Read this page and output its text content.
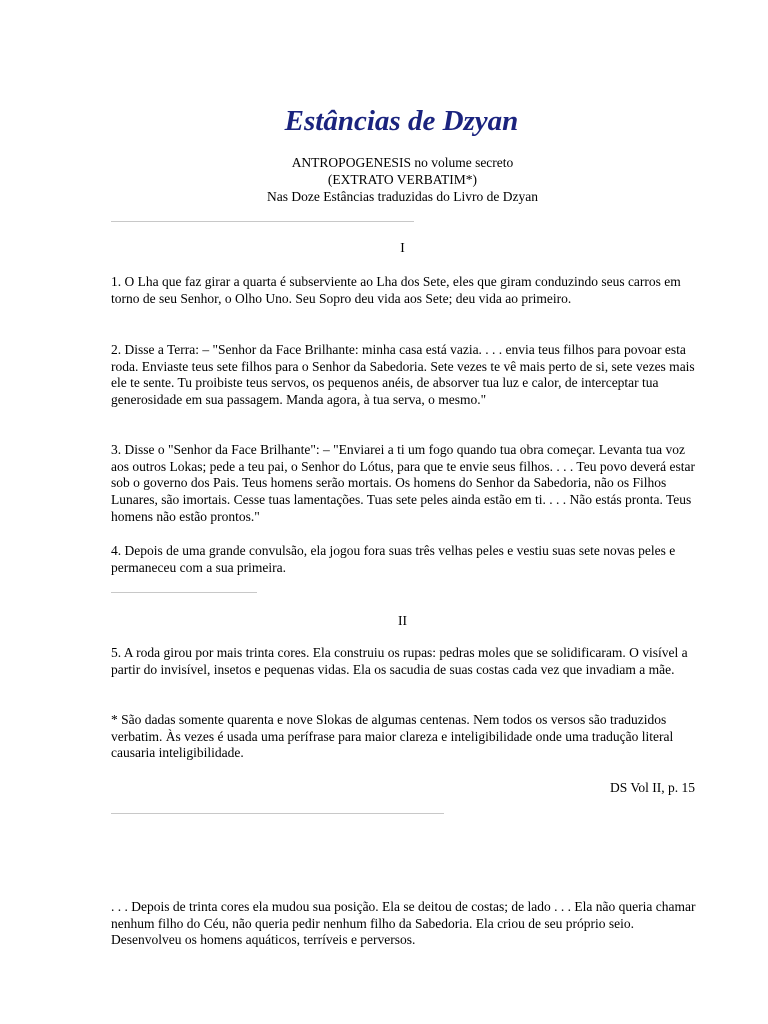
Estâncias de Dzyan
ANTROPOGENESIS no volume secreto
(EXTRATO VERBATIM*)
Nas Doze Estâncias traduzidas do Livro de Dzyan
I

1. O Lha que faz girar a quarta é subserviente ao Lha dos Sete, eles que giram conduzindo seus carros em torno de seu Senhor, o Olho Uno. Seu Sopro deu vida aos Sete; deu vida ao primeiro.

2. Disse a Terra: – "Senhor da Face Brilhante: minha casa está vazia. . . . envia teus filhos para povoar esta roda. Enviaste teus sete filhos para o Senhor da Sabedoria. Sete vezes te vê mais perto de si, sete vezes mais ele te sente. Tu proibiste teus servos, os pequenos anéis, de absorver tua luz e calor, de interceptar tua generosidade em sua passagem. Manda agora, à tua serva, o mesmo."

3. Disse o "Senhor da Face Brilhante": – "Enviarei a ti um fogo quando tua obra começar. Levanta tua voz aos outros Lokas; pede a teu pai, o Senhor do Lótus, para que te envie seus filhos. . . . Teu povo deverá estar sob o governo dos Pais. Teus homens serão mortais. Os homens do Senhor da Sabedoria, não os Filhos Lunares, são imortais. Cesse tuas lamentações. Tuas sete peles ainda estão em ti. . . . Não estás pronta. Teus homens não estão prontos."

4. Depois de uma grande convulsão, ela jogou fora suas três velhas peles e vestiu suas sete novas peles e permaneceu com a sua primeira.

II

5. A roda girou por mais trinta cores. Ela construiu os rupas: pedras moles que se solidificaram. O visível a partir do invisível, insetos e pequenas vidas. Ela os sacudia de suas costas cada vez que invadiam a mãe.

* São dadas somente quarenta e nove Slokas de algumas centenas. Nem todos os versos são traduzidos verbatim. Às vezes é usada uma perífrase para maior clareza e inteligibilidade onde uma tradução literal causaria inteligibilidade.

DS Vol II, p. 15

. . . Depois de trinta cores ela mudou sua posição. Ela se deitou de costas; de lado . . . Ela não queria chamar nenhum filho do Céu, não queria pedir nenhum filho da Sabedoria. Ela criou de seu próprio seio. Desenvolveu os homens aquáticos, terríveis e perversos.
